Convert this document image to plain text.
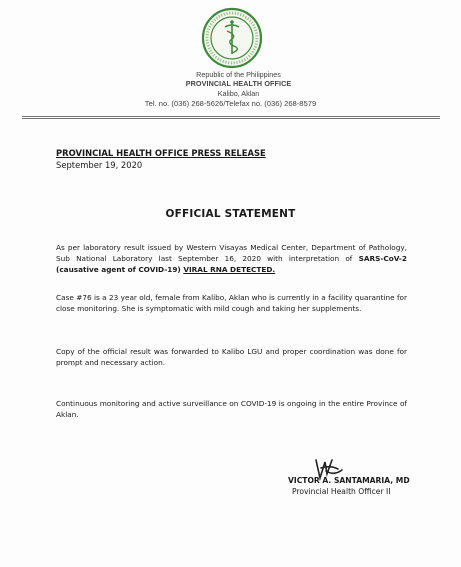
Republic of the Philippines
PROVINCIAL HEALTH OFFICE
Kalibo, Aklan
Tel. no. (036) 268-5626/Telefax no. (036) 268-8579
PROVINCIAL HEALTH OFFICE PRESS RELEASE
September 19, 2020
OFFICIAL STATEMENT
As per laboratory result issued by Western Visayas Medical Center, Department of Pathology, Sub National Laboratory last September 16, 2020 with interpretation of SARS-CoV-2 (causative agent of COVID-19) VIRAL RNA DETECTED.
Case #76 is a 23 year old, female from Kalibo, Aklan who is currently in a facility quarantine for close monitoring. She is symptomatic with mild cough and taking her supplements.
Copy of the official result was forwarded to Kalibo LGU and proper coordination was done for prompt and necessary action.
Continuous monitoring and active surveillance on COVID-19 is ongoing in the entire Province of Aklan.
VICTOR A. SANTAMARIA, MD
Provincial Health Officer II
